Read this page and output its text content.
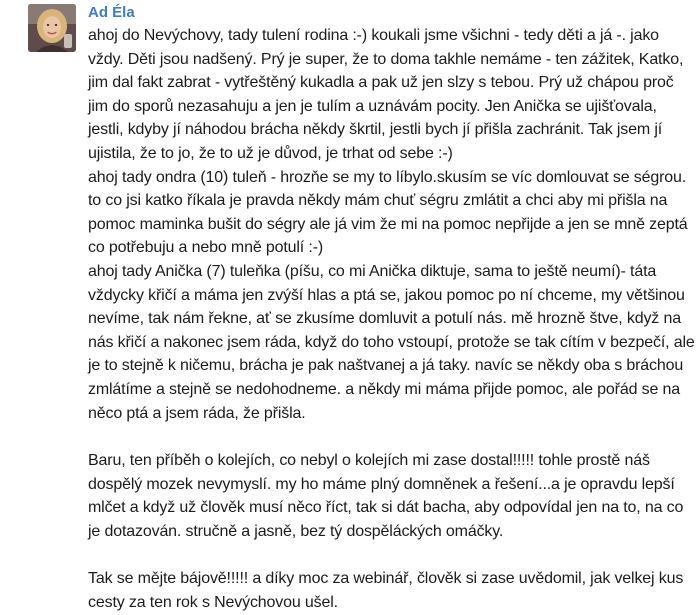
Ad Éla

ahoj do Nevýchovy, tady tulení rodina :-) koukali jsme všichni - tedy děti a já -. jako vždy. Děti jsou nadšený. Prý je super, že to doma takhle nemáme - ten zážitek, Katko, jim dal fakt zabrat - vytřeštěný kukadla a pak už jen slzy s tebou. Prý už chápou proč jim do sporů nezasahuju a jen je tulím a uznávám pocity. Jen Anička se ujišťovala, jestli, kdyby jí náhodou brácha někdy škrtil, jestli bych jí přišla zachránit. Tak jsem jí ujistila, že to jo, že to už je důvod, je trhat od sebe :-)

ahoj tady ondra (10) tuleň - hrozňe se my to líbylo.skusím se víc domlouvat se ségrou. to co jsi katko říkala je pravda někdy mám chuť ségru zmlátit a chci aby mi přišla na pomoc maminka bušit do ségry ale já vim že mi na pomoc nepřijde a jen se mně zeptá co potřebuju a nebo mně potulí :-)

ahoj tady Anička (7) tuleňka (píšu, co mi Anička diktuje, sama to ještě neumí)- táta vždycky křičí a máma jen zvýší hlas a ptá se, jakou pomoc po ní chceme, my většinou nevíme, tak nám řekne, ať se zkusíme domluvit a potulí nás. mě hrozně štve, když na nás křičí a nakonec jsem ráda, když do toho vstoupí, protože se tak cítím v bezpečí, ale je to stejně k ničemu, brácha je pak naštvanej a já taky. navíc se někdy oba s bráchou zmlátíme a stejně se nedohodneme. a někdy mi máma přijde pomoc, ale pořád se na něco ptá a jsem ráda, že přišla.

Baru, ten příběh o kolejích, co nebyl o kolejích mi zase dostal!!!!! tohle prostě náš dospělý mozek nevymyslí. my ho máme plný domněnek a řešení...a je opravdu lepší mlčet a když už člověk musí něco říct, tak si dát bacha, aby odpovídal jen na to, na co je dotazován. stručně a jasně, bez tý dospěláckých omáčky.

Tak se mějte bájově!!!!! a díky moc za webinář, člověk si zase uvědomil, jak velkej kus cesty za ten rok s Nevýchovou ušel.
